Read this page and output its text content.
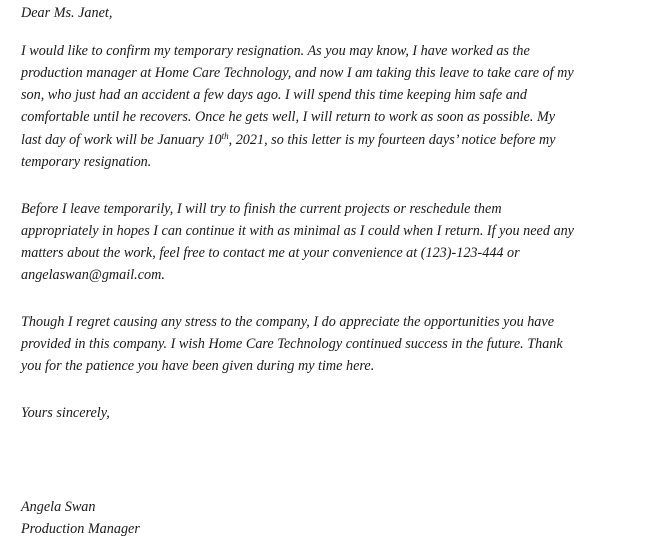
Dear Ms. Janet,
I would like to confirm my temporary resignation. As you may know, I have worked as the
production manager at Home Care Technology, and now I am taking this leave to take care of my
son, who just had an accident a few days ago. I will spend this time keeping him safe and
comfortable until he recovers. Once he gets well, I will return to work as soon as possible. My
last day of work will be January 10th, 2021, so this letter is my fourteen days’ notice before my
temporary resignation.
Before I leave temporarily, I will try to finish the current projects or reschedule them
appropriately in hopes I can continue it with as minimal as I could when I return. If you need any
matters about the work, feel free to contact me at your convenience at (123)-123-444 or
angelaswan@gmail.com.
Though I regret causing any stress to the company, I do appreciate the opportunities you have
provided in this company. I wish Home Care Technology continued success in the future. Thank
you for the patience you have been given during my time here.
Yours sincerely,
Angela Swan
Production Manager
